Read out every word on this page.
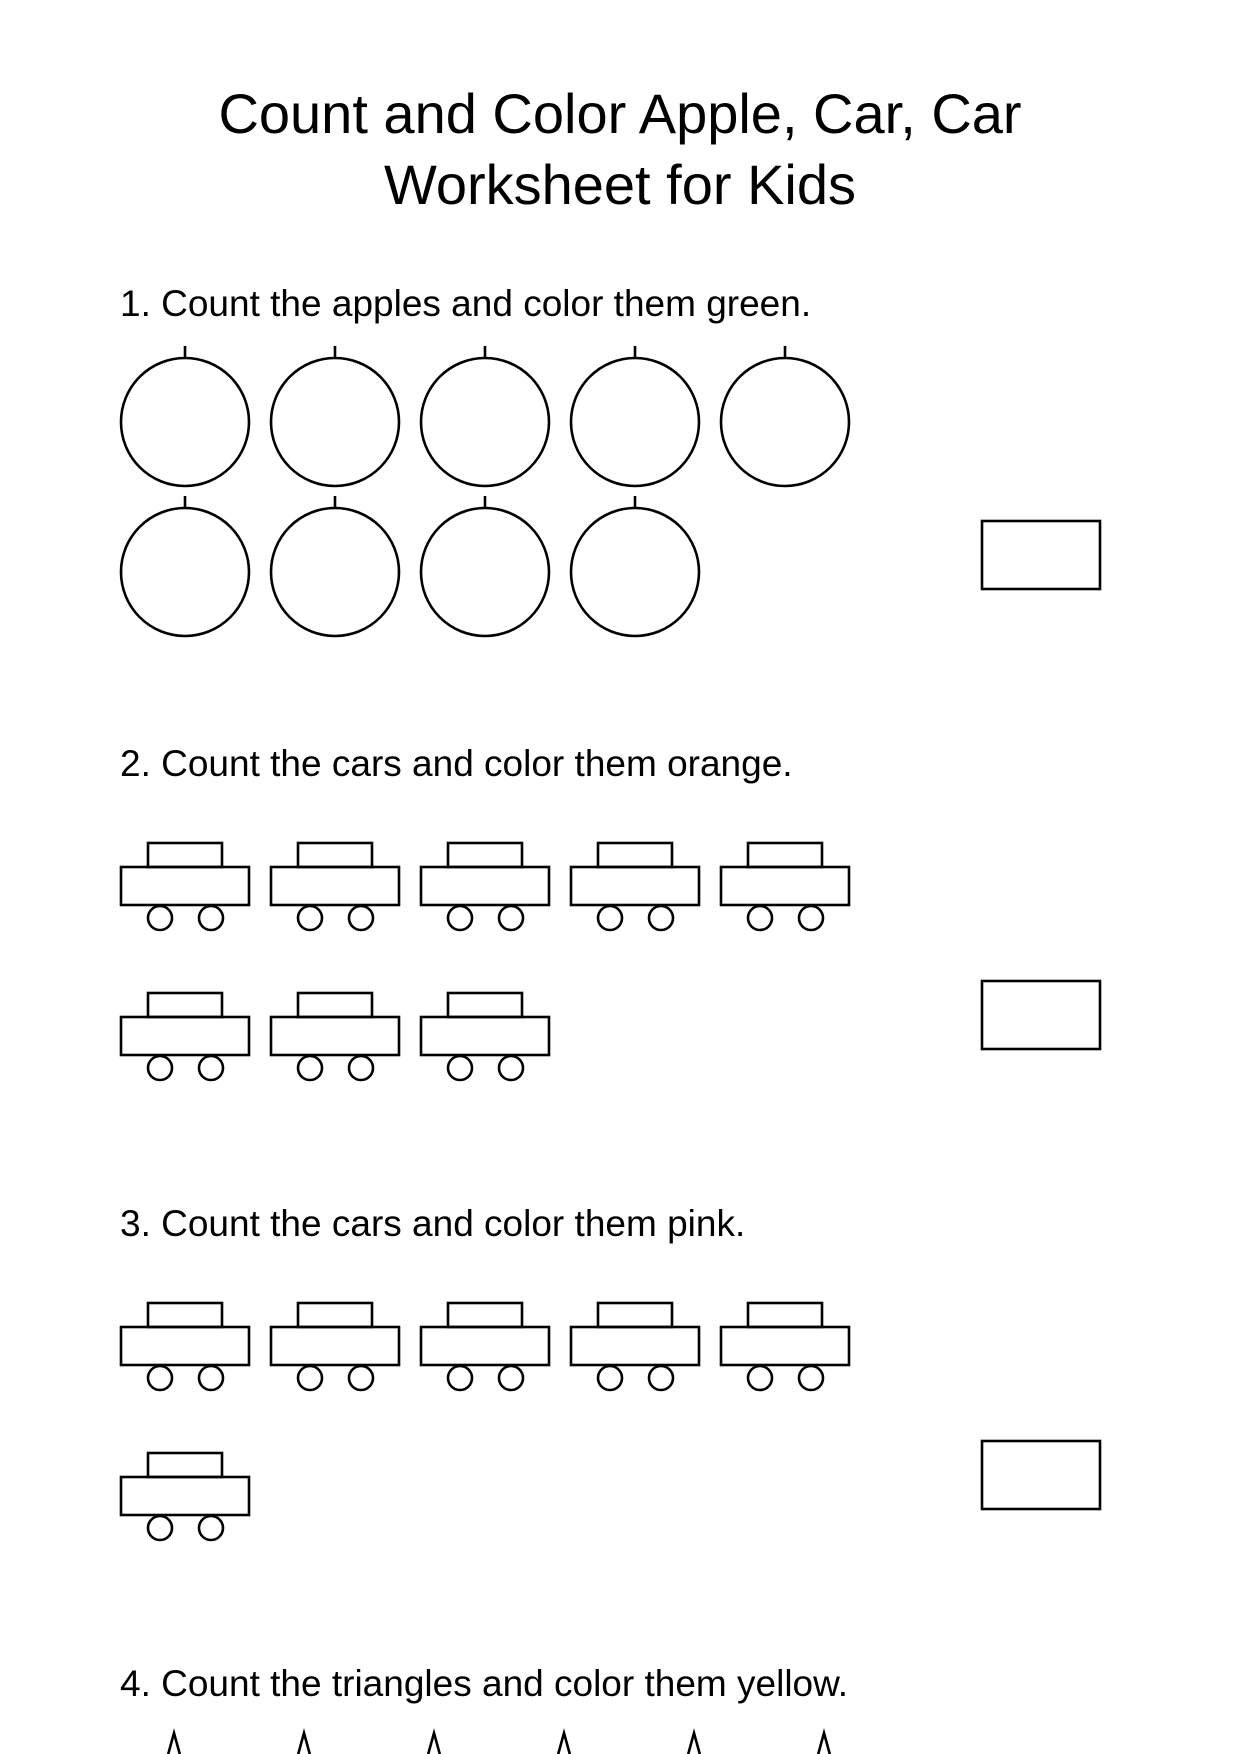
Count and Color Apple, Car, Car
Worksheet for Kids

1. Count the apples and color them green.

2. Count the cars and color them orange.

3. Count the cars and color them pink.

4. Count the triangles and color them yellow.
